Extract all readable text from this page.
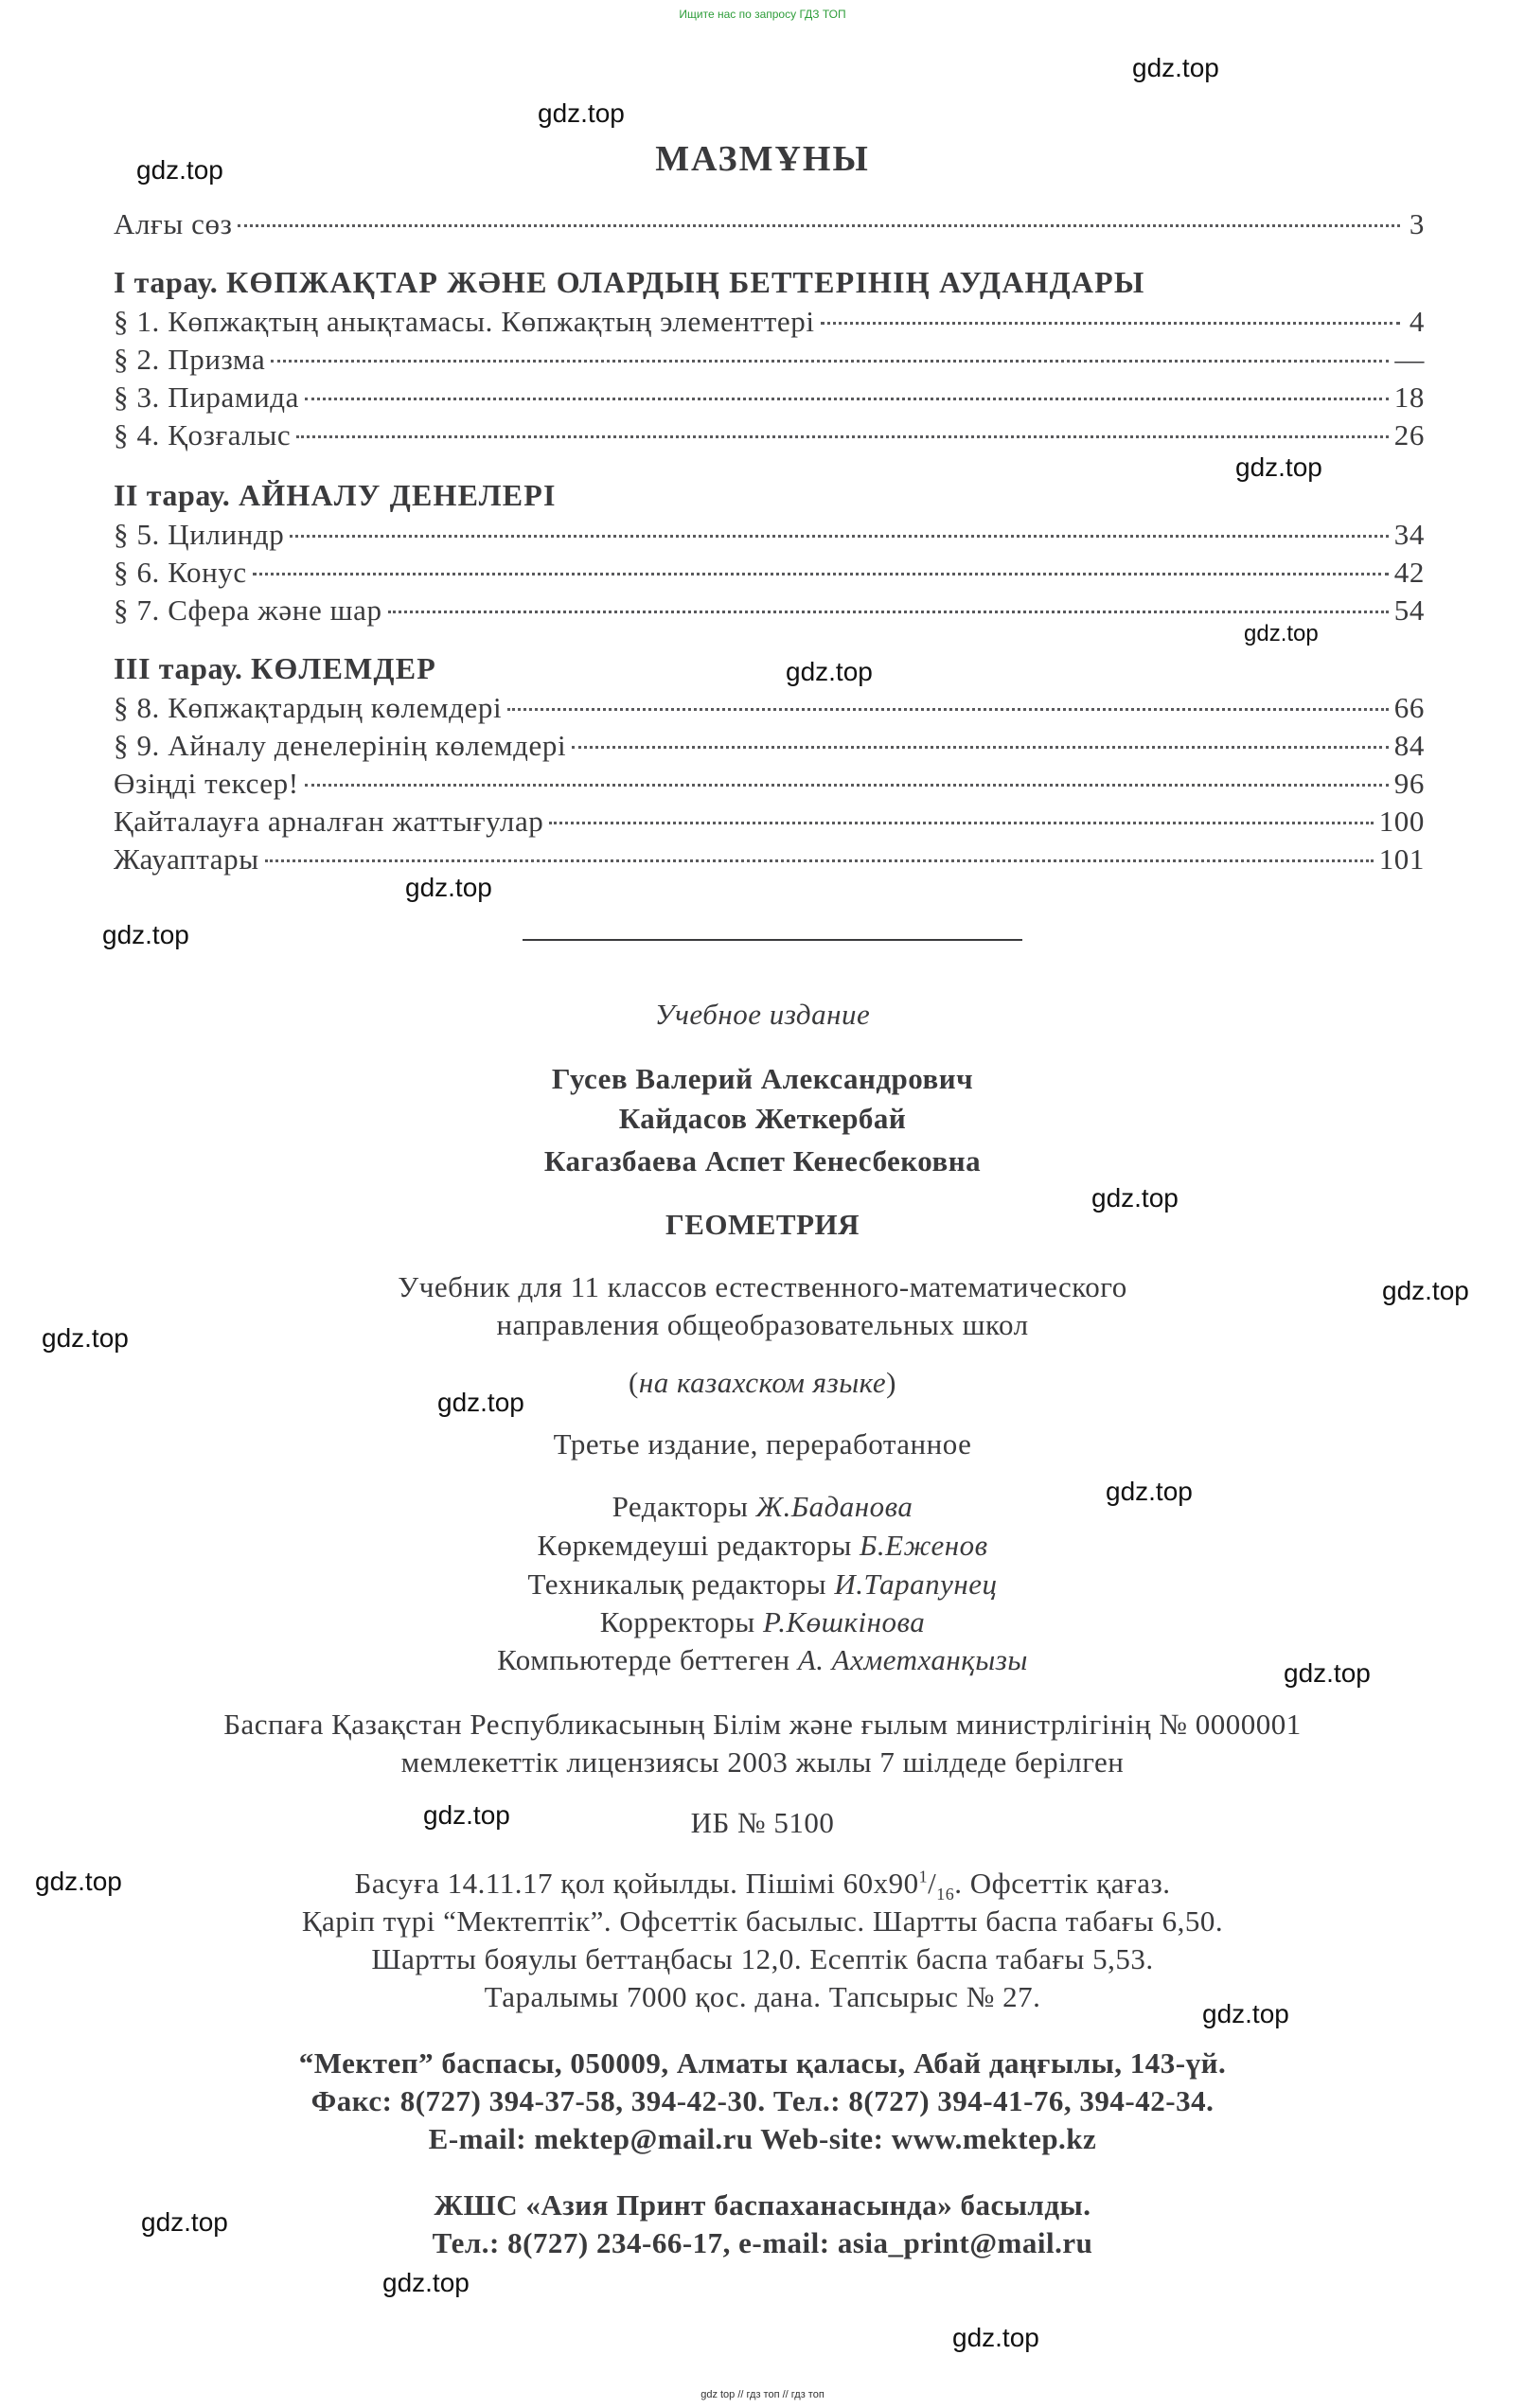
Ищите нас по запросу ГДЗ ТОП
gdz.top
gdz.top
gdz.top
gdz.top
gdz.top
gdz.top
gdz.top
gdz.top
gdz.top
gdz.top
gdz.top
gdz.top
gdz.top
gdz.top
gdz.top
gdz.top
gdz.top
gdz.top
gdz.top
gdz.top
МАЗМҰНЫ
Алғы сөз	3
I тарау. КӨПЖАҚТАР ЖӘНЕ ОЛАРДЫҢ БЕТТЕРІНІҢ АУДАНДАРЫ
§ 1. Көпжақтың анықтамасы. Көпжақтың элементтері	4
§ 2. Призма	—
§ 3. Пирамида	18
§ 4. Қозғалыс	26
II тарау. АЙНАЛУ ДЕНЕЛЕРІ
§ 5. Цилиндр	34
§ 6. Конус	42
§ 7. Сфера және шар	54
III тарау. КӨЛЕМДЕР
§ 8. Көпжақтардың көлемдері	66
§ 9. Айналу денелерінің көлемдері	84
Өзіңді тексер!	96
Қайталауға арналған жаттығулар	100
Жауаптары	101
Учебное издание
Гусев Валерий Александрович
Кайдасов Жеткербай
Кагазбаева Аспет Кенесбековна
ГЕОМЕТРИЯ
Учебник для 11 классов естественного-математического
направления общеобразовательных школ
(на казахском языке)
Третье издание, переработанное
Редакторы Ж.Баданова
Көркемдеуші редакторы Б.Еженов
Техникалық редакторы И.Тарапунец
Корректоры Р.Көшкінова
Компьютерде беттеген А. Ахметханқызы
Баспаға Қазақстан Республикасының Білім және ғылым министрлігінің № 0000001
мемлекеттік лицензиясы 2003 жылы 7 шілдеде берілген
ИБ № 5100
Басуға 14.11.17 қол қойылды. Пішімі $60x90^1/_{16}$. Офсеттік қағаз.
Қаріп түрі “Мектептік”. Офсеттік басылыс. Шартты баспа табағы 6,50.
Шартты бояулы беттаңбасы 12,0. Есептік баспа табағы 5,53.
Таралымы 7000 қос. дана. Тапсырыс № 27.
“Мектеп” баспасы, 050009, Алматы қаласы, Абай даңғылы, 143-үй.
Факс: 8(727) 394-37-58, 394-42-30. Тел.: 8(727) 394-41-76, 394-42-34.
E-mail: mektep@mail.ru Web-site: www.mektep.kz
ЖШС «Азия Принт баспаханасында» басылды.
Тел.: 8(727) 234-66-17, e-mail: asia_print@mail.ru
gdz top // гдз топ // гдз топ
